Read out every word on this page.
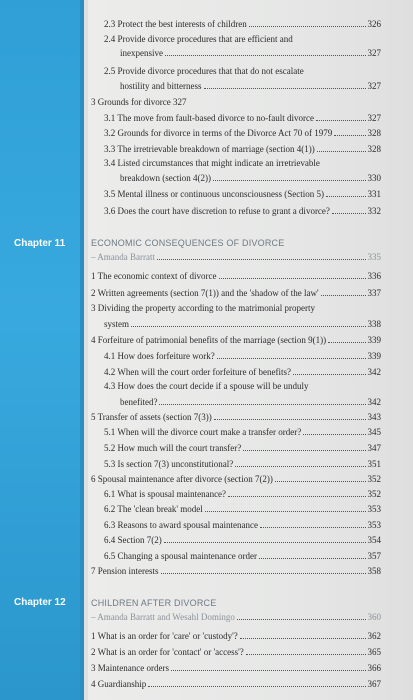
Chapter 11
Chapter 12
2.3 Protect the best interests of children	326
2.4 Provide divorce procedures that are efficient and
inexpensive	327
2.5 Provide divorce procedures that that do not escalate
hostility and bitterness	327
3 Grounds for divorce 327
3.1 The move from fault-based divorce to no-fault divorce	327
3.2 Grounds for divorce in terms of the Divorce Act 70 of 1979	328
3.3 The irretrievable breakdown of marriage (section 4(1))	328
3.4 Listed circumstances that might indicate an irretrievable
breakdown (section 4(2))	330
3.5 Mental illness or continuous unconsciousness (Section 5)	331
3.6 Does the court have discretion to refuse to grant a divorce?	332
ECONOMIC CONSEQUENCES OF DIVORCE
– Amanda Barratt	335
1 The economic context of divorce	336
2 Written agreements (section 7(1)) and the 'shadow of the law'	337
3 Dividing the property according to the matrimonial property
system	338
4 Forfeiture of patrimonial benefits of the marriage (section 9(1))	339
4.1 How does forfeiture work?	339
4.2 When will the court order forfeiture of benefits?	342
4.3 How does the court decide if a spouse will be unduly
benefited?	342
5 Transfer of assets (section 7(3))	343
5.1 When will the divorce court make a transfer order?	345
5.2 How much will the court transfer?	347
5.3 Is section 7(3) unconstitutional?	351
6 Spousal maintenance after divorce (section 7(2))	352
6.1 What is spousal maintenance?	352
6.2 The 'clean break' model	353
6.3 Reasons to award spousal maintenance	353
6.4 Section 7(2)	354
6.5 Changing a spousal maintenance order	357
7 Pension interests	358
CHILDREN AFTER DIVORCE
– Amanda Barratt and Wesahl Domingo	360
1 What is an order for 'care' or 'custody'?	362
2 What is an order for 'contact' or 'access'?	365
3 Maintenance orders	366
4 Guardianship	367
